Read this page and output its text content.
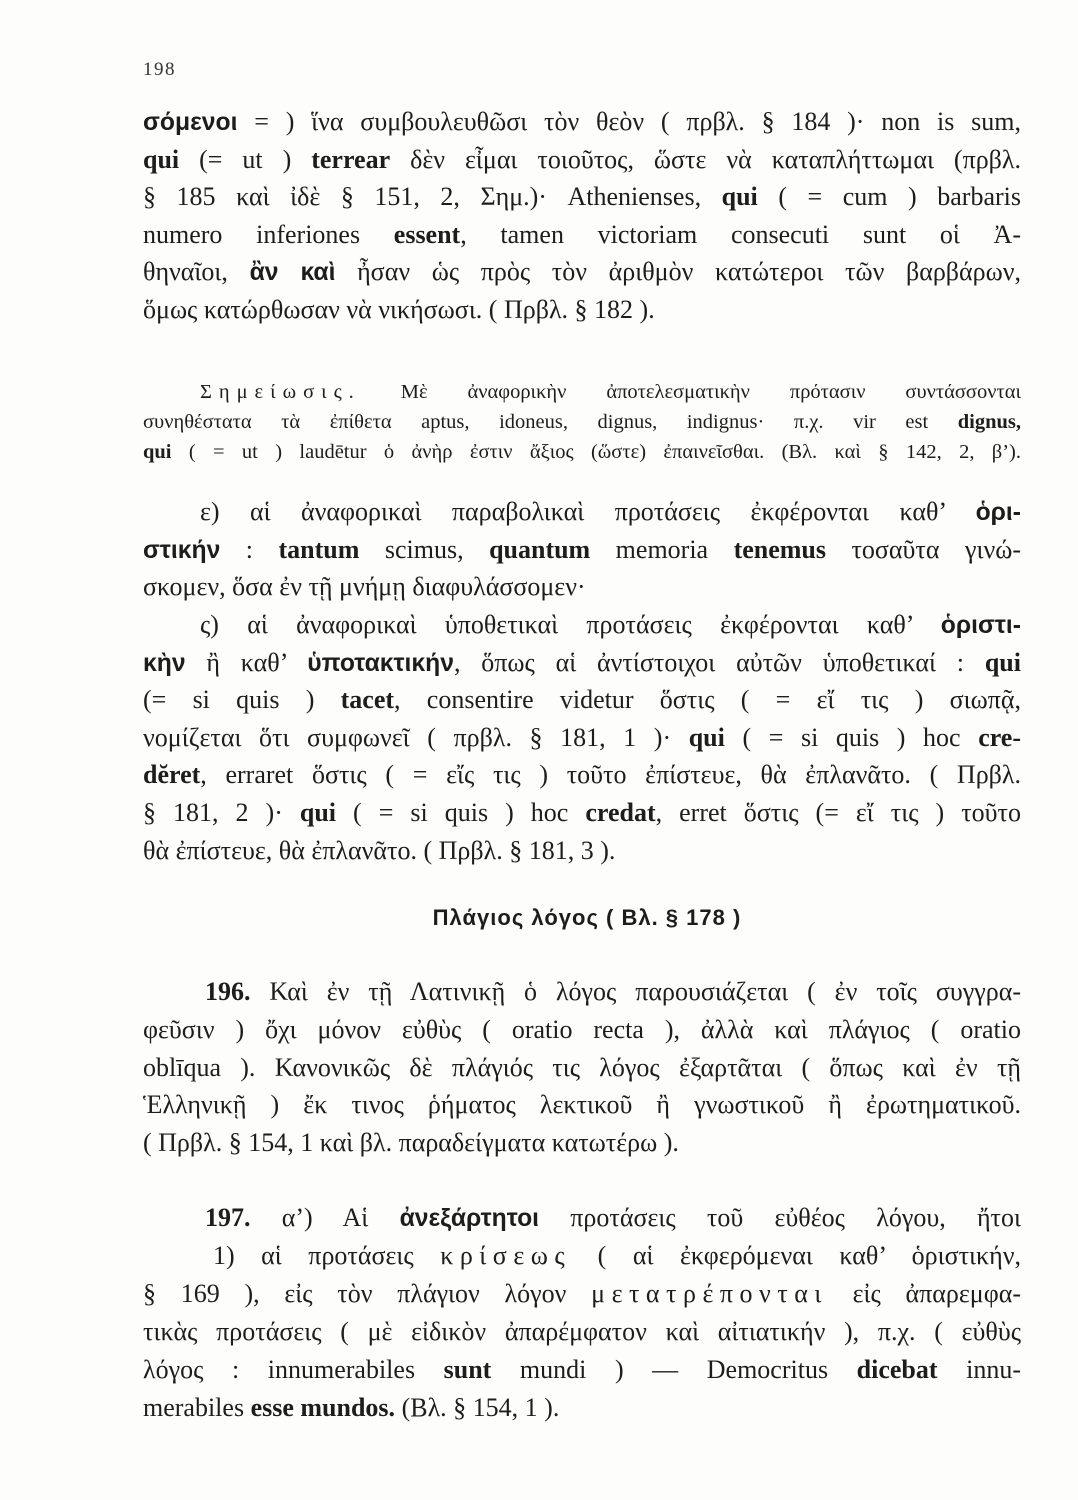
198
σόμενοι = ) ἵνα συμβουλευθῶσι τὸν θεὸν ( πρβλ. § 184 )· non is sum,
qui (= ut ) terrear δὲν εἶμαι τοιοῦτος, ὥστε νὰ καταπλήττωμαι (πρβλ.
§ 185 καὶ ἰδὲ § 151, 2, Σημ.)· Athenienses, qui ( = cum ) barbaris
numero inferiones essent, tamen victoriam consecuti sunt οἱ Ἀ-
θηναῖοι, ἂν καὶ ἦσαν ὡς πρὸς τὸν ἀριθμὸν κατώτεροι τῶν βαρβάρων,
ὅμως κατώρθωσαν νὰ νικήσωσι. ( Πρβλ. § 182 ).
Σημείωσις. Μὲ ἀναφορικὴν ἀποτελεσματικὴν πρότασιν συντάσσονται
συνηθέστατα τὰ ἐπίθετα aptus, idoneus, dignus, indignus· π.χ. vir est dignus,
qui ( = ut ) laudētur ὁ ἀνὴρ ἐστιν ἄξιος (ὥστε) ἐπαινεῖσθαι. (Βλ. καὶ § 142, 2, β’).
ε) αἱ ἀναφορικαὶ παραβολικαὶ προτάσεις ἐκφέρονται καθ’ ὁρι-
στικήν : tantum scimus, quantum memoria tenemus τοσαῦτα γινώ-
σκομεν, ὅσα ἐν τῇ μνήμῃ διαφυλάσσομεν·
ς) αἱ ἀναφορικαὶ ὑποθετικαὶ προτάσεις ἐκφέρονται καθ’ ὁριστι-
κὴν ἢ καθ’ ὑποτακτικήν, ὅπως αἱ ἀντίστοιχοι αὐτῶν ὑποθετικαί : qui
(= si quis ) tacet, consentire videtur ὅστις ( = εἴ τις ) σιωπᾷ,
νομίζεται ὅτι συμφωνεῖ ( πρβλ. § 181, 1 )· qui ( = si quis ) hoc cre-
dĕret, erraret ὅστις ( = εἴς τις ) τοῦτο ἐπίστευε, θὰ ἐπλανᾶτο. ( Πρβλ.
§ 181, 2 )· qui ( = si quis ) hoc credat, erret ὅστις (= εἴ τις ) τοῦτο
θὰ ἐπίστευε, θὰ ἐπλανᾶτο. ( Πρβλ. § 181, 3 ).
Πλάγιος λόγος ( Βλ. § 178 )
196. Καὶ ἐν τῇ Λατινικῇ ὁ λόγος παρουσιάζεται ( ἐν τοῖς συγγρα-
φεῦσιν ) ὄχι μόνον εὐθὺς ( oratio recta ), ἀλλὰ καὶ πλάγιος ( oratio
oblīqua ). Κανονικῶς δὲ πλάγιός τις λόγος ἐξαρτᾶται ( ὅπως καὶ ἐν τῇ
Ἑλληνικῇ ) ἔκ τινος ῥήματος λεκτικοῦ ἢ γνωστικοῦ ἢ ἐρωτηματικοῦ.
( Πρβλ. § 154, 1 καὶ βλ. παραδείγματα κατωτέρω ).
197. α’) Αἱ ἀνεξάρτητοι προτάσεις τοῦ εὐθέος λόγου, ἤτοι
1) αἱ προτάσεις κρίσεως ( αἱ ἐκφερόμεναι καθ’ ὁριστικήν,
§ 169 ), εἰς τὸν πλάγιον λόγον μετατρέπονται εἰς ἀπαρεμφα-
τικὰς προτάσεις ( μὲ εἰδικὸν ἀπαρέμφατον καὶ αἰτιατικήν ), π.χ. ( εὐθὺς
λόγος : innumerabiles sunt mundi ) — Democritus dicebat innu-
merabiles esse mundos. (Βλ. § 154, 1 ).
